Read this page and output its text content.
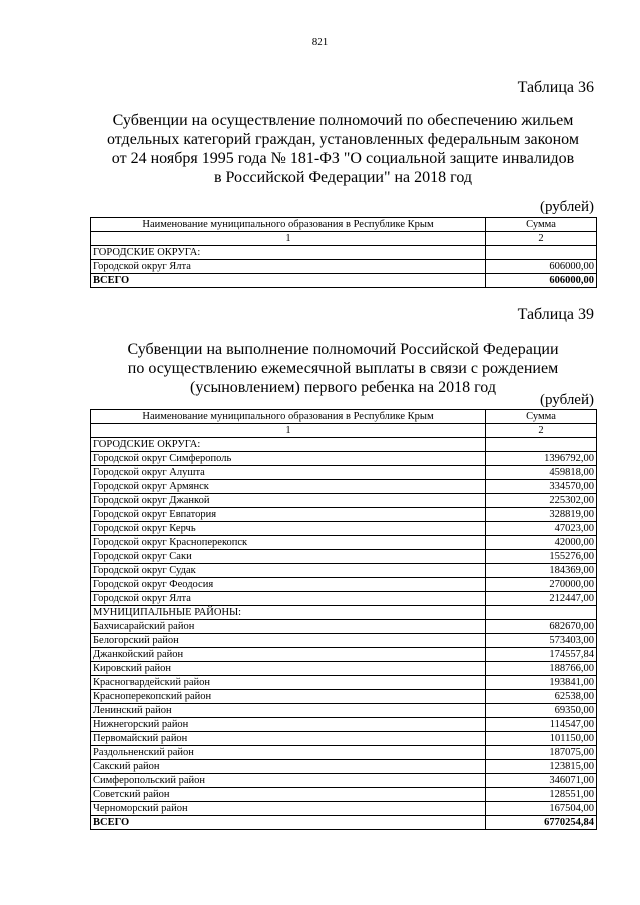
821
Таблица 36
Субвенции на осуществление полномочий по обеспечению жильем
отдельных категорий граждан, установленных федеральным законом
от 24 ноября 1995 года № 181-ФЗ "О социальной защите инвалидов
в Российской Федерации" на 2018 год
(рублей)
Наименование муниципального образования в Республике Крым	Сумма
1	2
ГОРОДСКИЕ ОКРУГА:	
Городской округ Ялта	606000,00
ВСЕГО	606000,00
Таблица 39
Субвенции на выполнение полномочий Российской Федерации
по осуществлению ежемесячной выплаты в связи с рождением
(усыновлением) первого ребенка на 2018 год
(рублей)
Наименование муниципального образования в Республике Крым	Сумма
1	2
ГОРОДСКИЕ ОКРУГА:	
Городской округ Симферополь	1396792,00
Городской округ Алушта	459818,00
Городской округ Армянск	334570,00
Городской округ Джанкой	225302,00
Городской округ Евпатория	328819,00
Городской округ Керчь	47023,00
Городской округ Красноперекопск	42000,00
Городской округ Саки	155276,00
Городской округ Судак	184369,00
Городской округ Феодосия	270000,00
Городской округ Ялта	212447,00
МУНИЦИПАЛЬНЫЕ РАЙОНЫ:	
Бахчисарайский район	682670,00
Белогорский район	573403,00
Джанкойский район	174557,84
Кировский район	188766,00
Красногвардейский район	193841,00
Красноперекопский район	62538,00
Ленинский район	69350,00
Нижнегорский район	114547,00
Первомайский район	101150,00
Раздольненский район	187075,00
Сакский район	123815,00
Симферопольский район	346071,00
Советский район	128551,00
Черноморский район	167504,00
ВСЕГО	6770254,84
